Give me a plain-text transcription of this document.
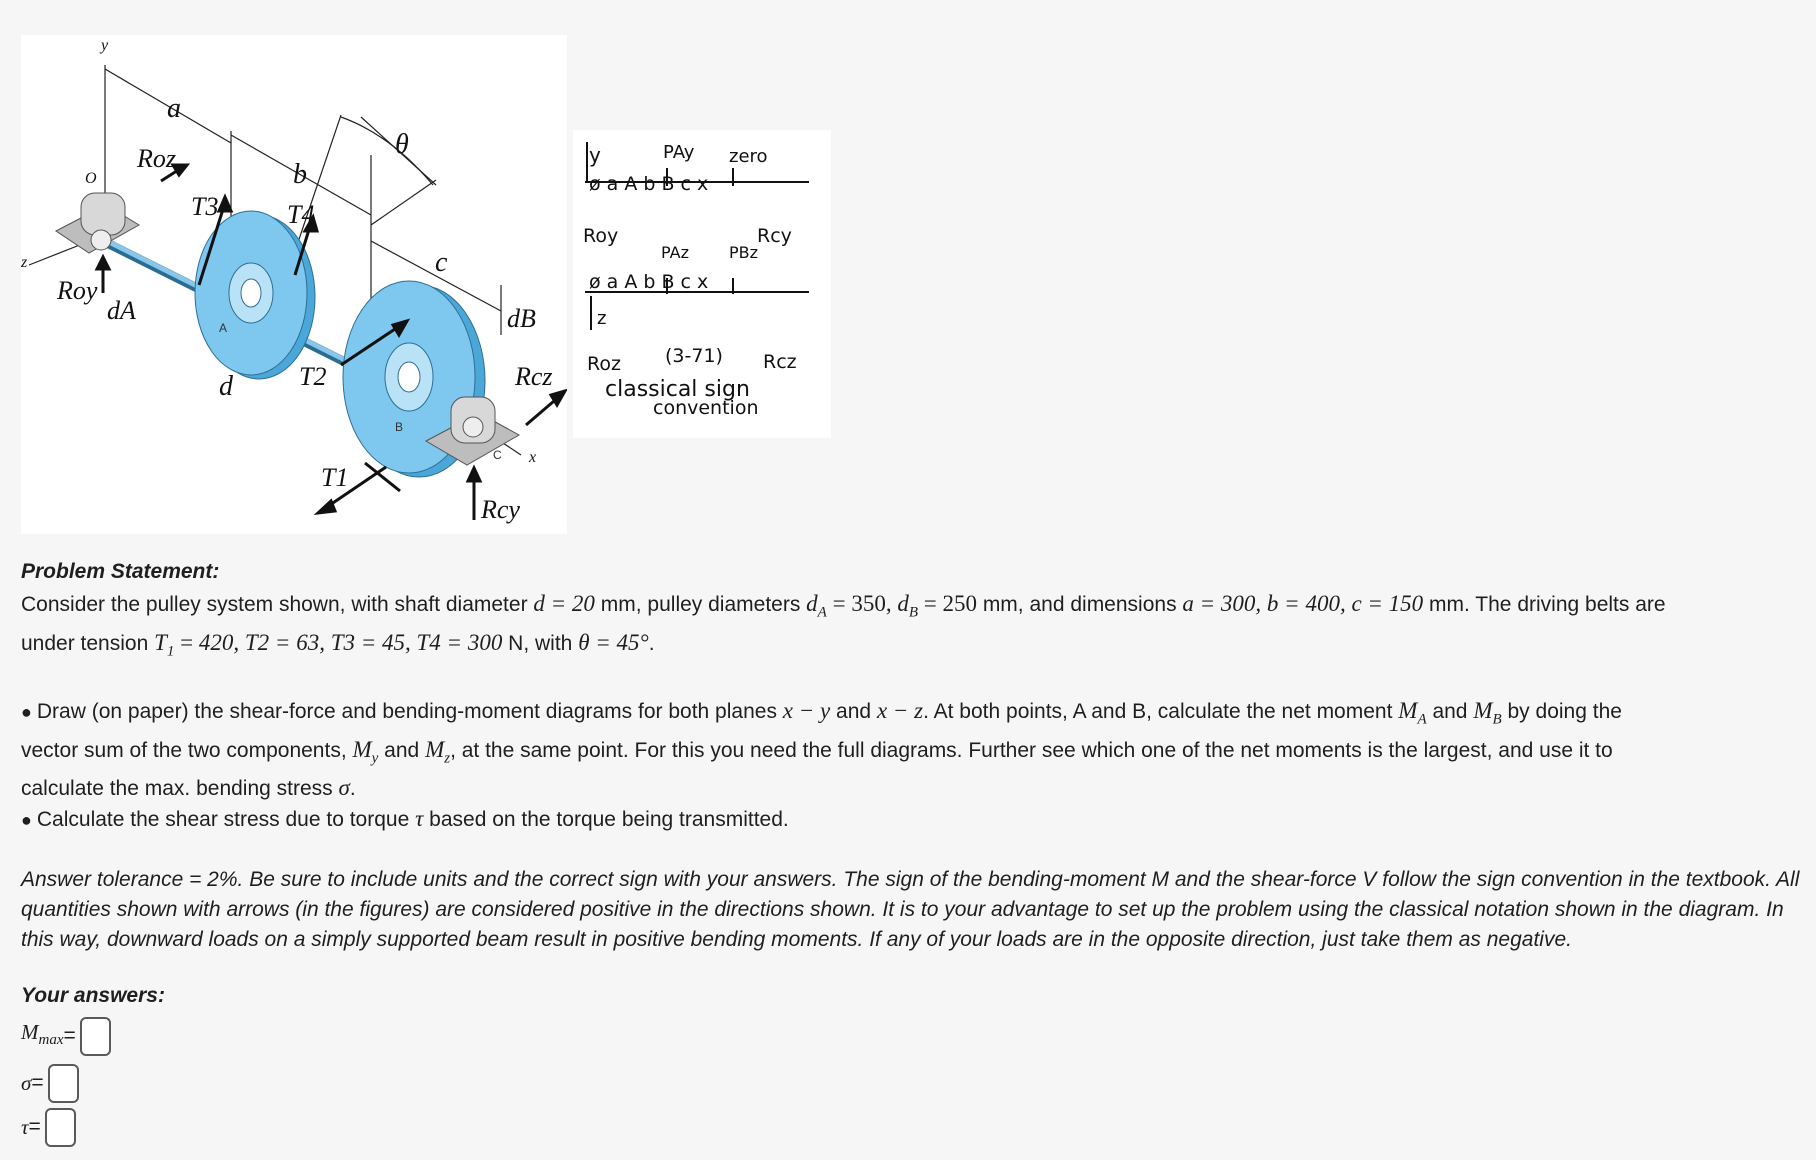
y
z
x
O
a
b
c
d
θ
Roz
Roy
Rcz
Rcy
T1
T2
T3	T4
dA	dB
A
B
C
y	PAy zero
ø a A b B c x
Roy	Rcy
PAz	PBz
ø a A b B c x
z
Roz (3-71) Rcz
classical sign
convention

Problem Statement:

Consider the pulley system shown, with shaft diameter d = 20 mm, pulley diameters $d_A = 350$, $d_B = 250$ mm, and dimensions a = 300, b = 400, c = 150 mm. The driving belts are
under tension $T_1 = 420$, T2 = 63, T3 = 45, T4 = 300 N, with θ = 45°.

● Draw (on paper) the shear-force and bending-moment diagrams for both planes x − y and x − z. At both points, A and B, calculate the net moment $M_A$ and $M_B$ by doing the

vector sum of the two components, $M_y$ and $M_z$, at the same point. For this you need the full diagrams. Further see which one of the net moments is the largest, and use it to

calculate the max. bending stress σ.

● Calculate the shear stress due to torque τ based on the torque being transmitted.

Answer tolerance = 2%. Be sure to include units and the correct sign with your answers. The sign of the bending-moment M and the shear-force V follow the sign convention in the textbook. All quantities shown with arrows (in the figures) are considered positive in the directions shown. It is to your advantage to set up the problem using the classical notation shown in the diagram. In this way, downward loads on a simply supported beam result in positive bending moments. If any of your loads are in the opposite direction, just take them as negative.

Your answers:

$M_{max}$ =
σ =
τ =
